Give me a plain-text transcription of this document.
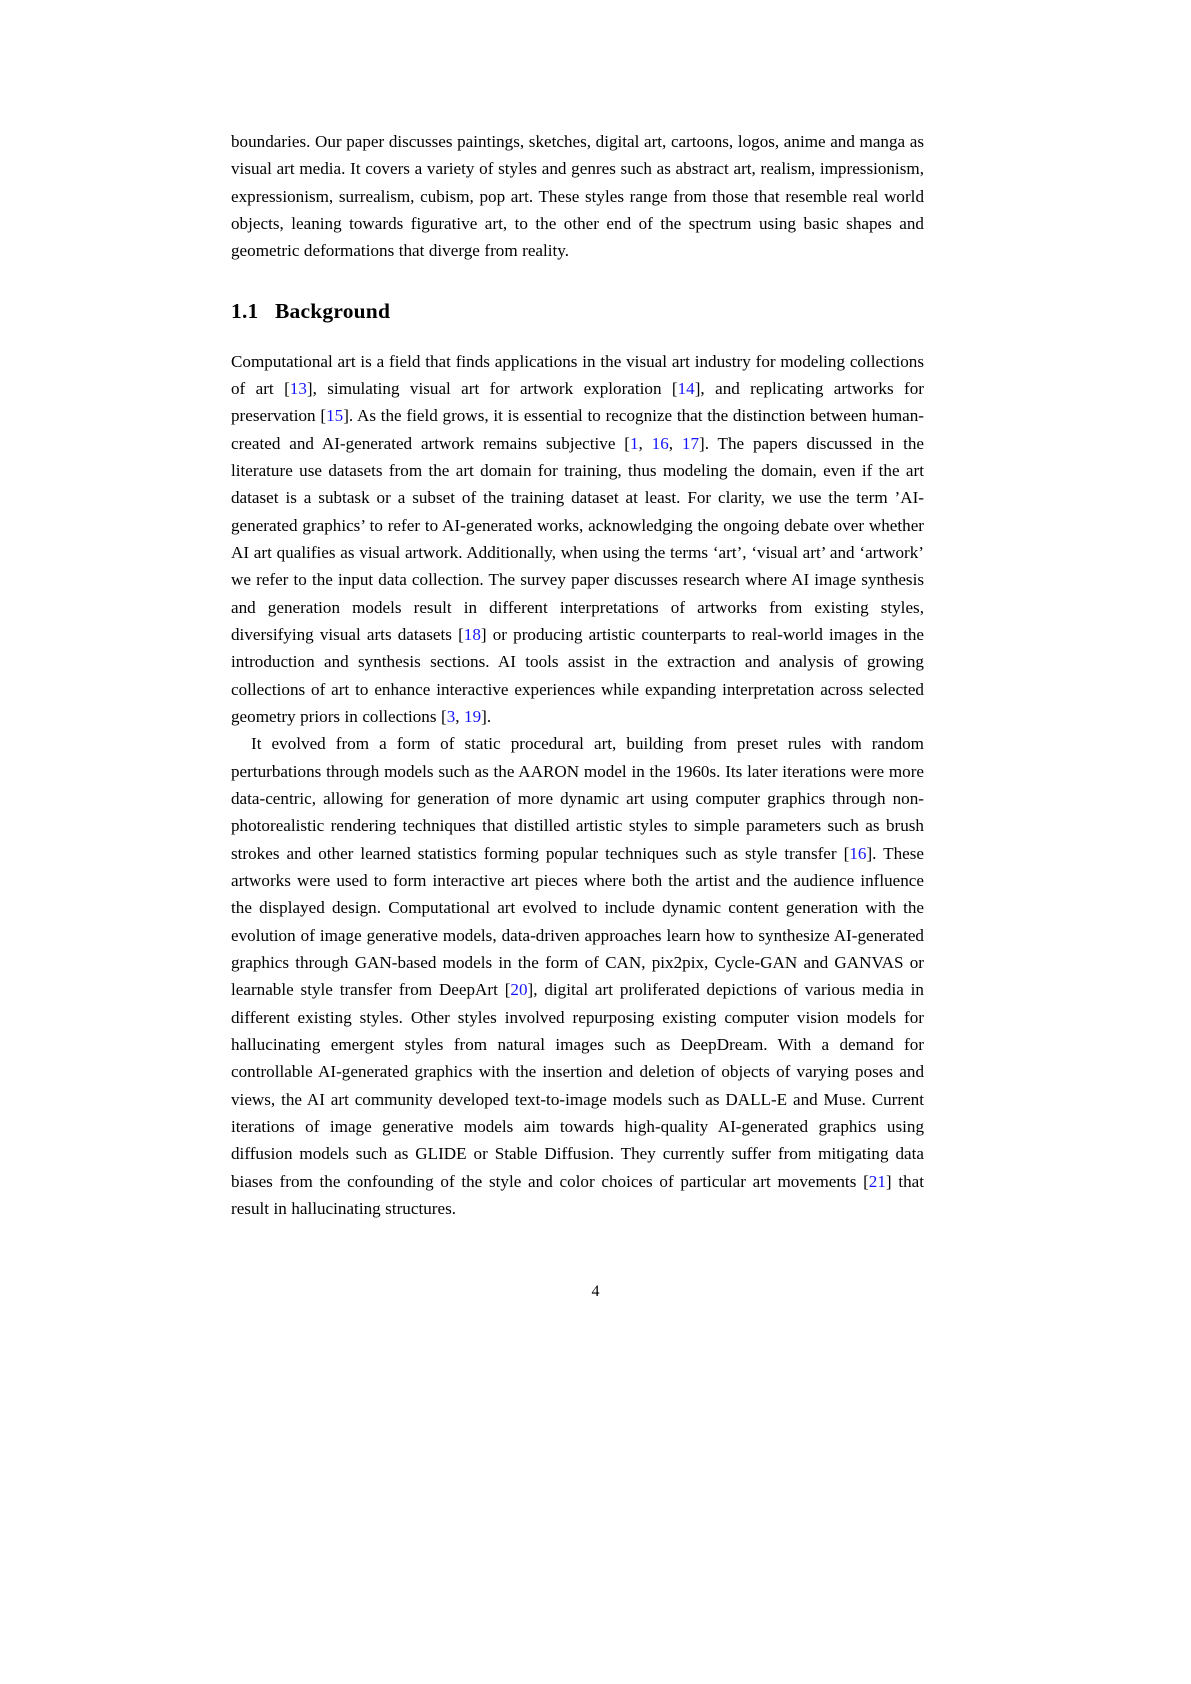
boundaries. Our paper discusses paintings, sketches, digital art, cartoons, logos, anime and manga as visual art media. It covers a variety of styles and genres such as abstract art, realism, impressionism, expressionism, surrealism, cubism, pop art. These styles range from those that resemble real world objects, leaning towards figurative art, to the other end of the spectrum using basic shapes and geometric deformations that diverge from reality.

1.1 Background

Computational art is a field that finds applications in the visual art industry for modeling collections of art [13], simulating visual art for artwork exploration [14], and replicating artworks for preservation [15]. As the field grows, it is essential to recognize that the distinction between human-created and AI-generated artwork remains subjective [1, 16, 17]. The papers discussed in the literature use datasets from the art domain for training, thus modeling the domain, even if the art dataset is a subtask or a subset of the training dataset at least. For clarity, we use the term ’AI-generated graphics’ to refer to AI-generated works, acknowledging the ongoing debate over whether AI art qualifies as visual artwork. Additionally, when using the terms ‘art’, ‘visual art’ and ‘artwork’ we refer to the input data collection. The survey paper discusses research where AI image synthesis and generation models result in different interpretations of artworks from existing styles, diversifying visual arts datasets [18] or producing artistic counterparts to real-world images in the introduction and synthesis sections. AI tools assist in the extraction and analysis of growing collections of art to enhance interactive experiences while expanding interpretation across selected geometry priors in collections [3, 19].

It evolved from a form of static procedural art, building from preset rules with random perturbations through models such as the AARON model in the 1960s. Its later iterations were more data-centric, allowing for generation of more dynamic art using computer graphics through non-photorealistic rendering techniques that distilled artistic styles to simple parameters such as brush strokes and other learned statistics forming popular techniques such as style transfer [16]. These artworks were used to form interactive art pieces where both the artist and the audience influence the displayed design. Computational art evolved to include dynamic content generation with the evolution of image generative models, data-driven approaches learn how to synthesize AI-generated graphics through GAN-based models in the form of CAN, pix2pix, Cycle-GAN and GANVAS or learnable style transfer from DeepArt [20], digital art proliferated depictions of various media in different existing styles. Other styles involved repurposing existing computer vision models for hallucinating emergent styles from natural images such as DeepDream. With a demand for controllable AI-generated graphics with the insertion and deletion of objects of varying poses and views, the AI art community developed text-to-image models such as DALL-E and Muse. Current iterations of image generative models aim towards high-quality AI-generated graphics using diffusion models such as GLIDE or Stable Diffusion. They currently suffer from mitigating data biases from the confounding of the style and color choices of particular art movements [21] that result in hallucinating structures.

4
